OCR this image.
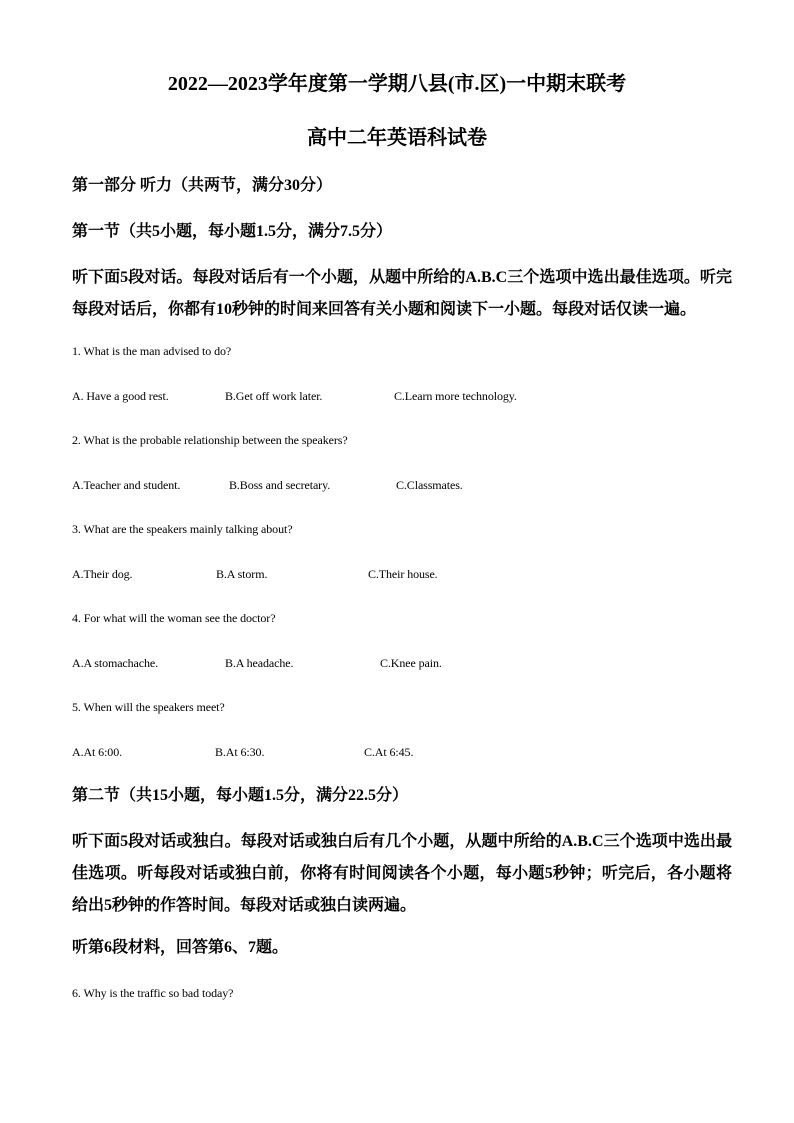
2022—2023学年度第一学期八县(市.区)一中期末联考
高中二年英语科试卷

第一部分 听力（共两节，满分30分）

第一节（共5小题，每小题1.5分，满分7.5分）

听下面5段对话。每段对话后有一个小题，从题中所给的A.B.C三个选项中选出最佳选项。听完每段对话后，你都有10秒钟的时间来回答有关小题和阅读下一小题。每段对话仅读一遍。

1. What is the man advised to do?

A. Have a good rest.	B.Get off work later.	C.Learn more technology.

2. What is the probable relationship between the speakers?

A.Teacher and student.	B.Boss and secretary.	C.Classmates.

3. What are the speakers mainly talking about?

A.Their dog.	B.A storm.	C.Their house.

4. For what will the woman see the doctor?

A.A stomachache.	B.A headache.	C.Knee pain.

5. When will the speakers meet?

A.At 6:00.	B.At 6:30.	C.At 6:45.

第二节（共15小题，每小题1.5分，满分22.5分）

听下面5段对话或独白。每段对话或独白后有几个小题，从题中所给的A.B.C三个选项中选出最佳选项。听每段对话或独白前，你将有时间阅读各个小题，每小题5秒钟；听完后，各小题将给出5秒钟的作答时间。每段对话或独白读两遍。

听第6段材料，回答第6、7题。

6. Why is the traffic so bad today?
